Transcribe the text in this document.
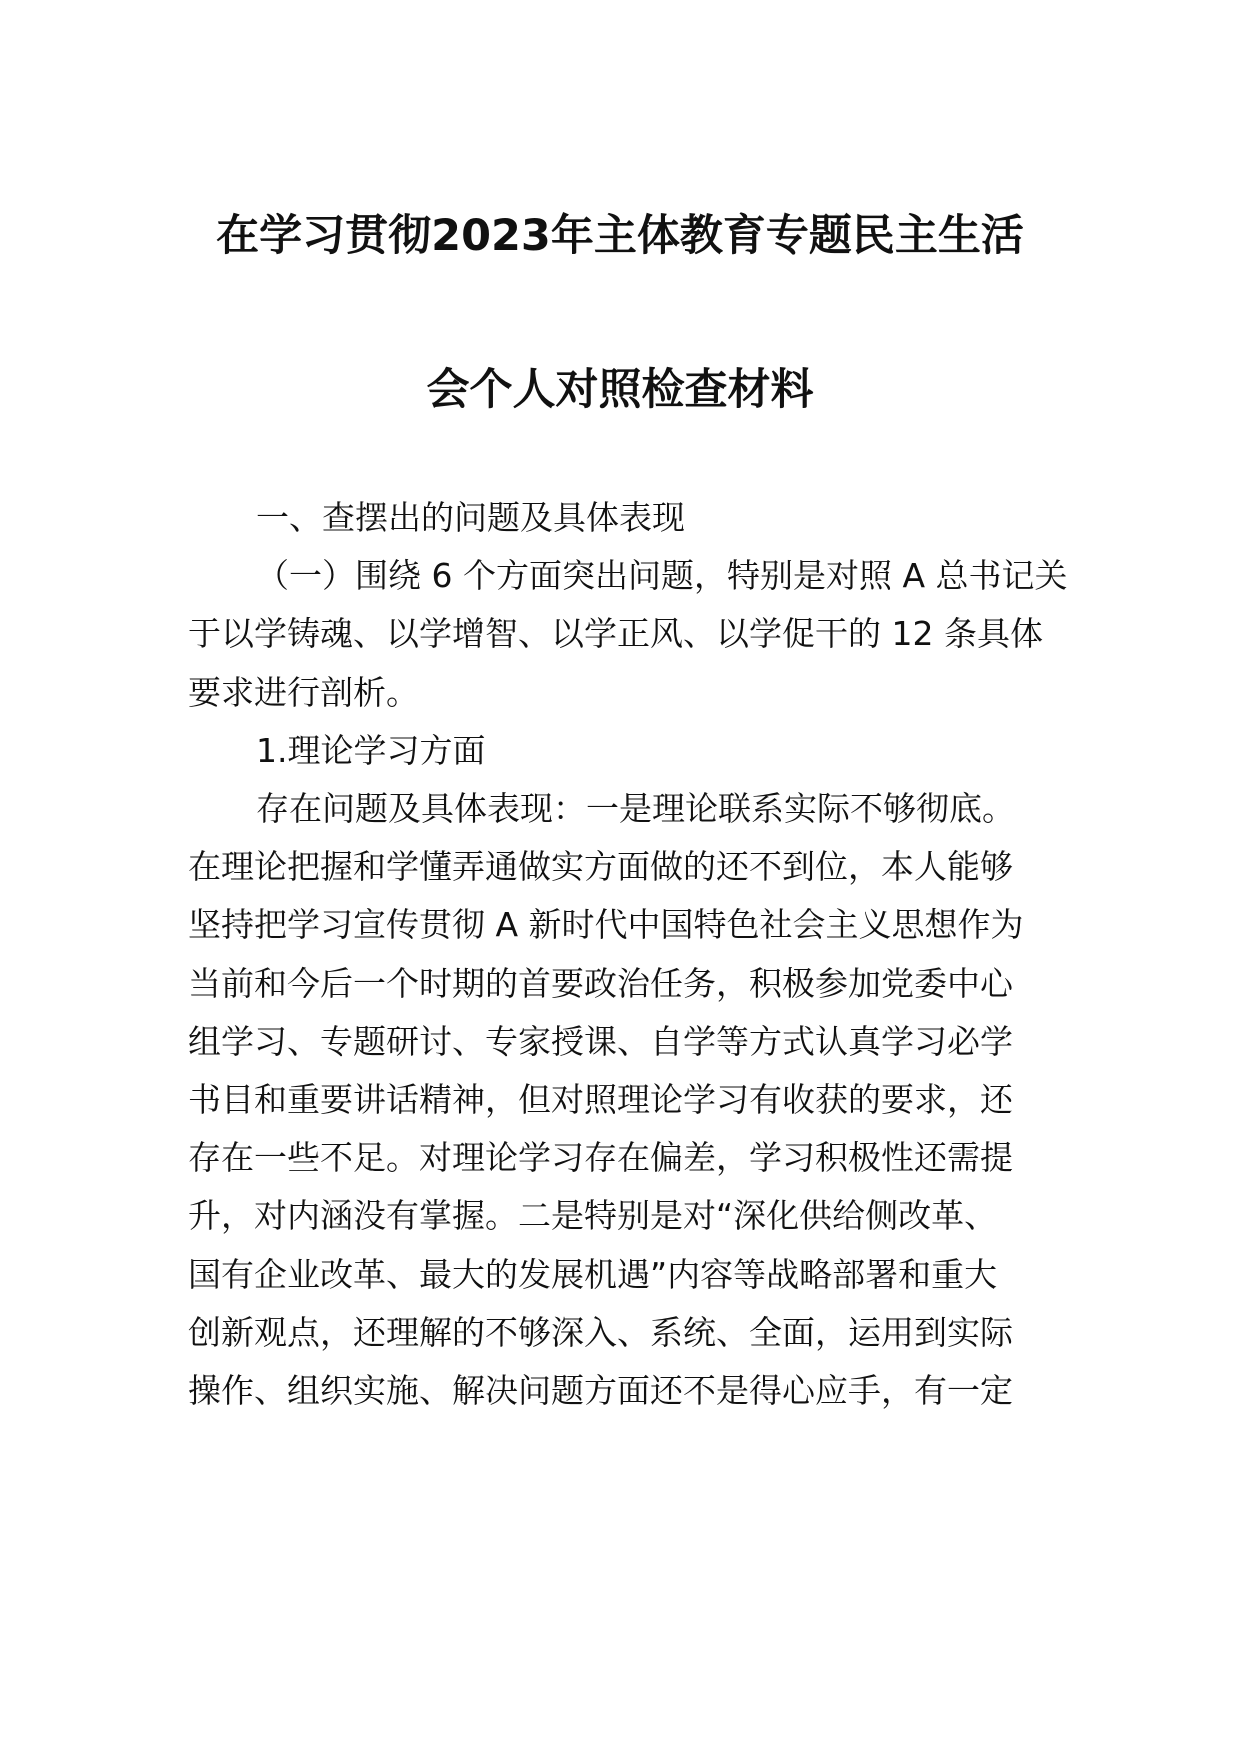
在学习贯彻2023年主体教育专题民主生活
会个人对照检查材料
一、查摆出的问题及具体表现
（一）围绕 6 个方面突出问题，特别是对照 A 总书记关
于以学铸魂、以学增智、以学正风、以学促干的 12 条具体
要求进行剖析。
1.理论学习方面
存在问题及具体表现：一是理论联系实际不够彻底。
在理论把握和学懂弄通做实方面做的还不到位，本人能够
坚持把学习宣传贯彻 A 新时代中国特色社会主义思想作为
当前和今后一个时期的首要政治任务，积极参加党委中心
组学习、专题研讨、专家授课、自学等方式认真学习必学
书目和重要讲话精神，但对照理论学习有收获的要求，还
存在一些不足。对理论学习存在偏差，学习积极性还需提
升，对内涵没有掌握。二是特别是对“深化供给侧改革、
国有企业改革、最大的发展机遇”内容等战略部署和重大
创新观点，还理解的不够深入、系统、全面，运用到实际
操作、组织实施、解决问题方面还不是得心应手，有一定
